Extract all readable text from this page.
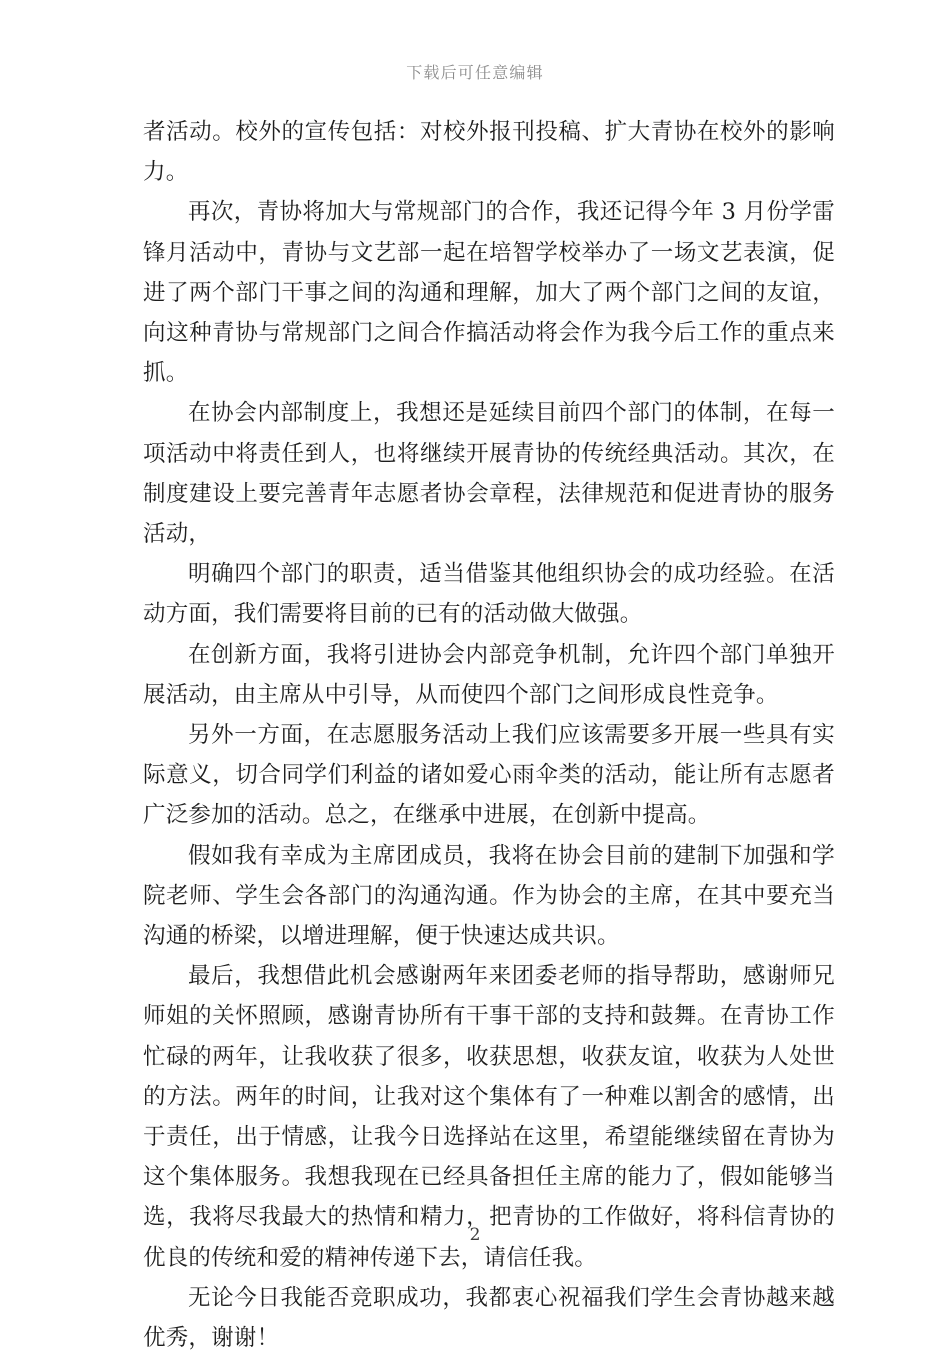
下载后可任意编辑

者活动。校外的宣传包括：对校外报刊投稿、扩大青协在校外的影响力。

再次，青协将加大与常规部门的合作，我还记得今年 3 月份学雷锋月活动中，青协与文艺部一起在培智学校举办了一场文艺表演，促进了两个部门干事之间的沟通和理解，加大了两个部门之间的友谊，向这种青协与常规部门之间合作搞活动将会作为我今后工作的重点来抓。

在协会内部制度上，我想还是延续目前四个部门的体制，在每一项活动中将责任到人，也将继续开展青协的传统经典活动。其次，在制度建设上要完善青年志愿者协会章程，法律规范和促进青协的服务活动，

明确四个部门的职责，适当借鉴其他组织协会的成功经验。在活动方面，我们需要将目前的已有的活动做大做强。

在创新方面，我将引进协会内部竞争机制，允许四个部门单独开展活动，由主席从中引导，从而使四个部门之间形成良性竞争。

另外一方面，在志愿服务活动上我们应该需要多开展一些具有实际意义，切合同学们利益的诸如爱心雨伞类的活动，能让所有志愿者广泛参加的活动。总之，在继承中进展，在创新中提高。

假如我有幸成为主席团成员，我将在协会目前的建制下加强和学院老师、学生会各部门的沟通沟通。作为协会的主席，在其中要充当沟通的桥梁，以增进理解，便于快速达成共识。

最后，我想借此机会感谢两年来团委老师的指导帮助，感谢师兄师姐的关怀照顾，感谢青协所有干事干部的支持和鼓舞。在青协工作忙碌的两年，让我收获了很多，收获思想，收获友谊，收获为人处世的方法。两年的时间，让我对这个集体有了一种难以割舍的感情，出于责任，出于情感，让我今日选择站在这里，希望能继续留在青协为这个集体服务。我想我现在已经具备担任主席的能力了，假如能够当选，我将尽我最大的热情和精力，把青协的工作做好，将科信青协的优良的传统和爱的精神传递下去，请信任我。

无论今日我能否竞职成功，我都衷心祝福我们学生会青协越来越优秀，谢谢！

2
